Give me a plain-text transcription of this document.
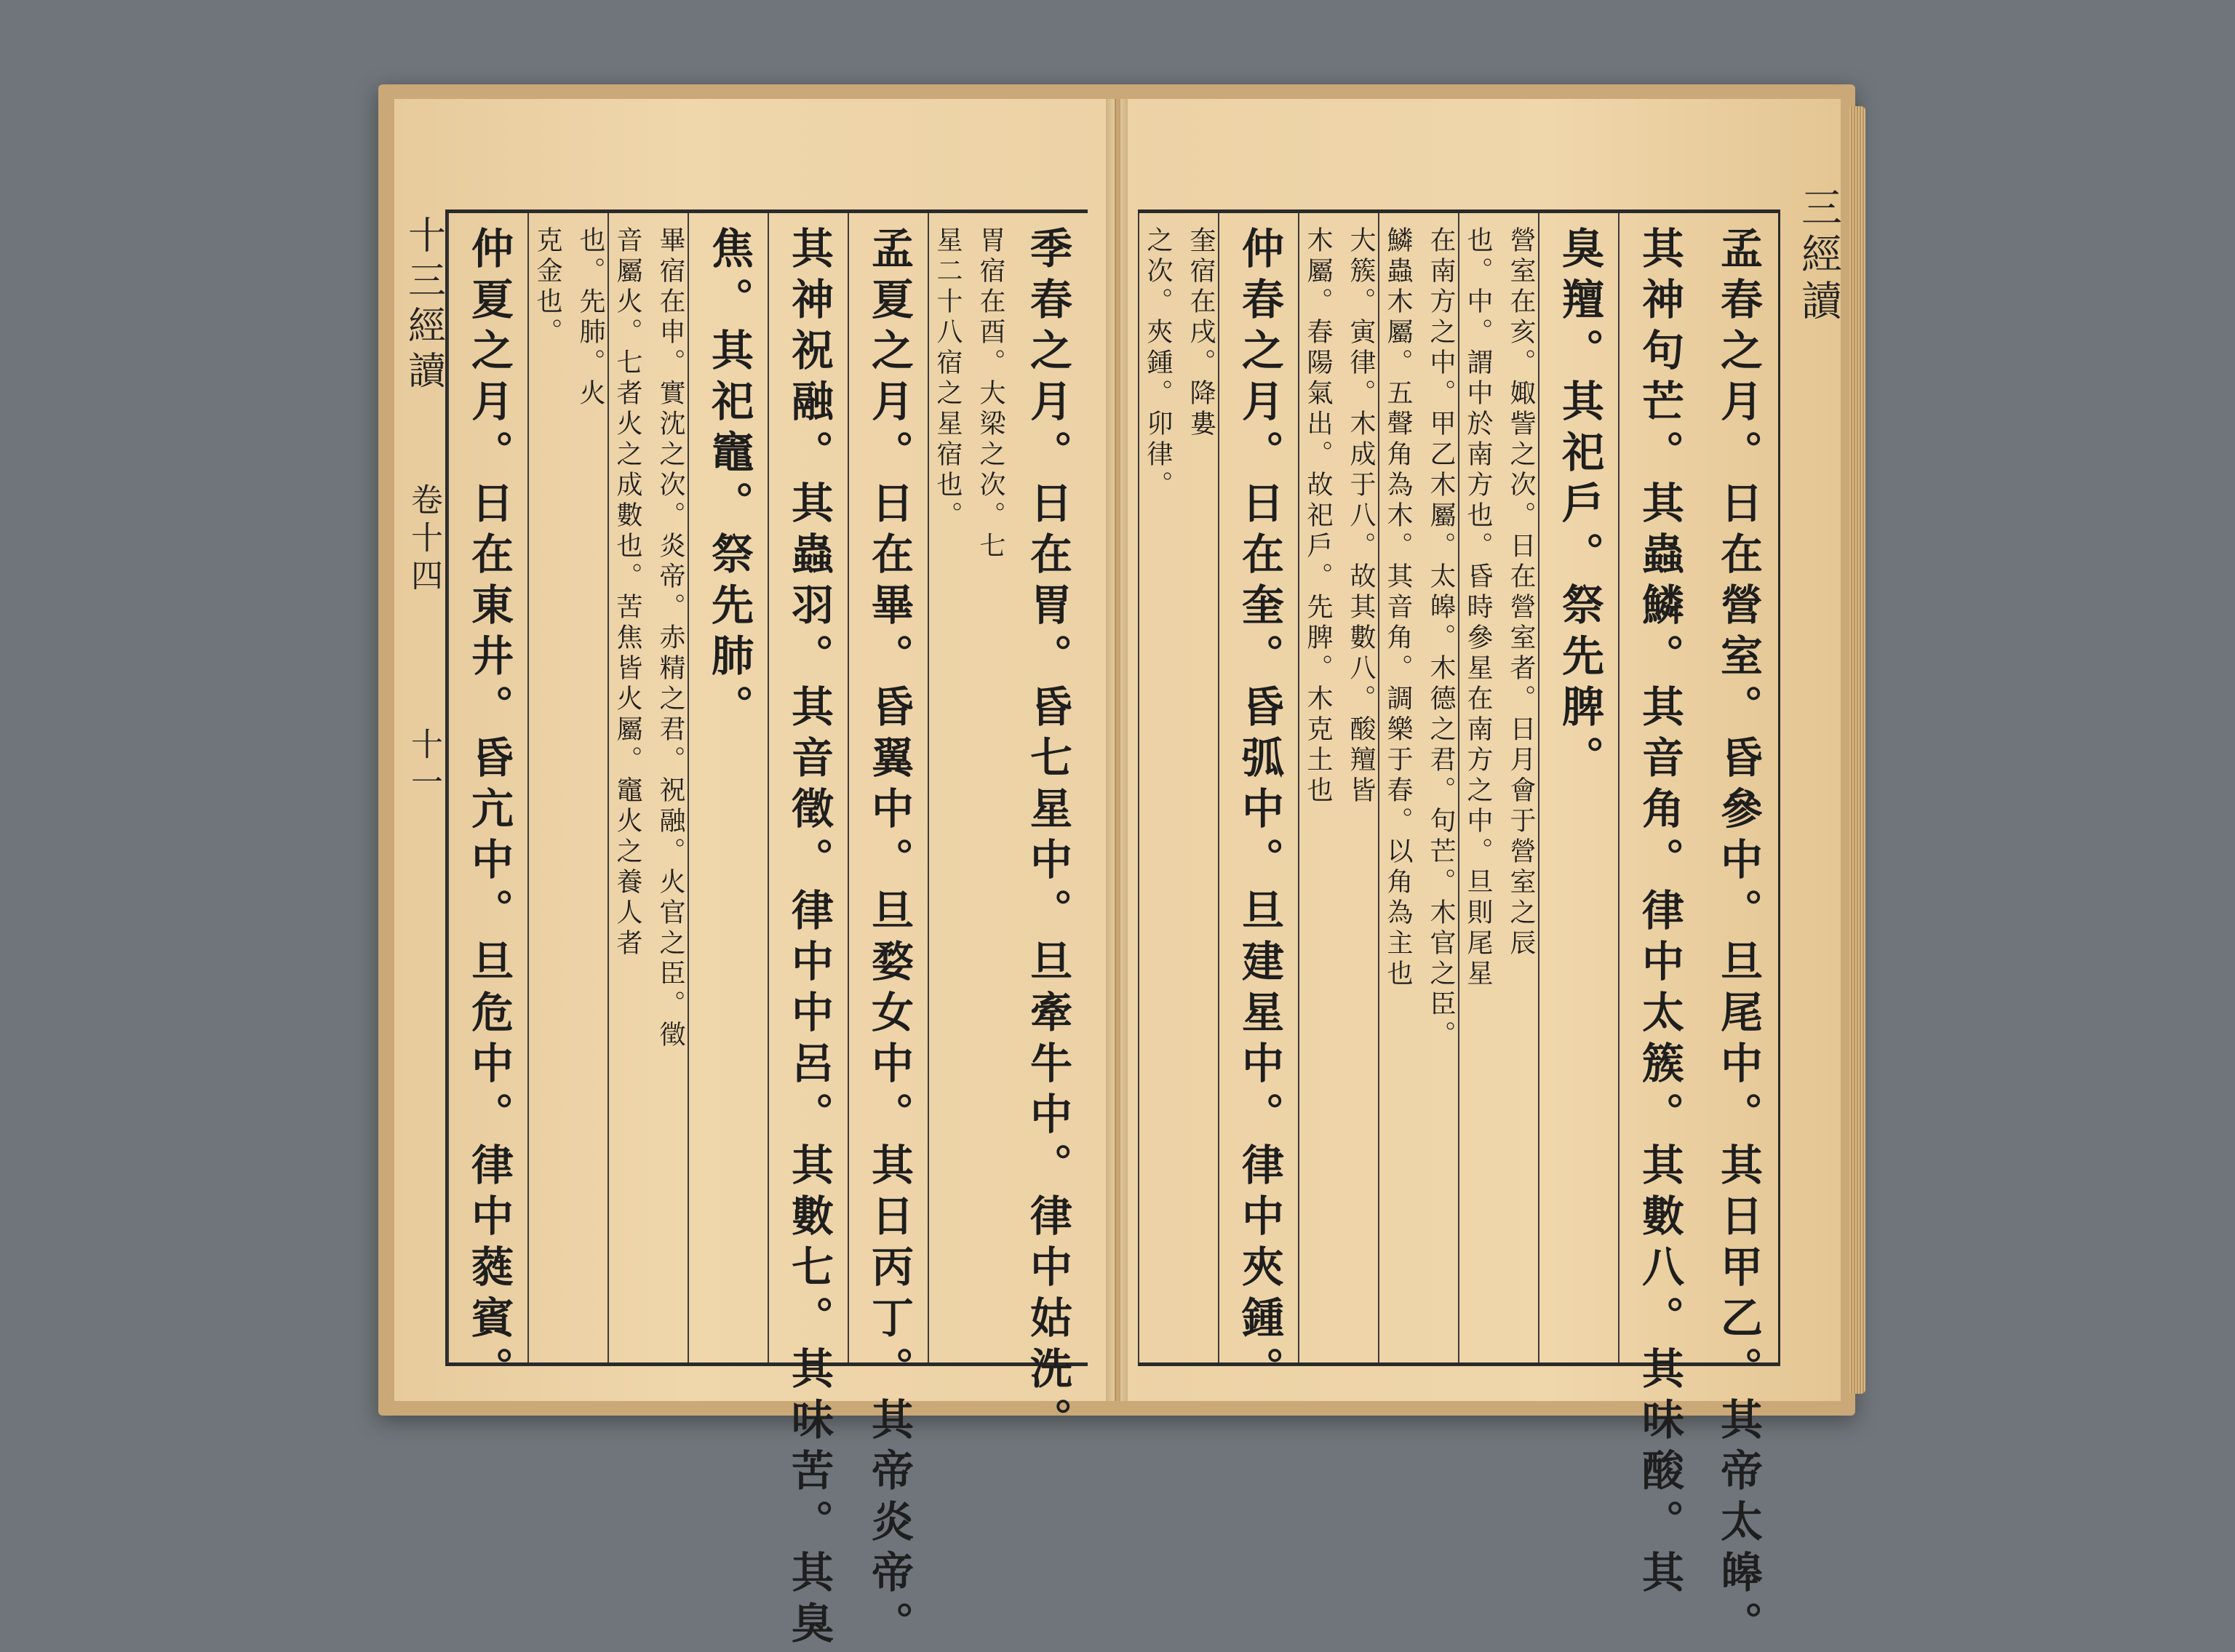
十三經讀
卷十四
十一	季春之月。日在胃。昏七星中。旦牽牛中。律中姑洗。
胃宿在酉。大梁之次。七
星二十八宿之星宿也。
孟夏之月。日在畢。昏翼中。旦婺女中。其日丙丁。其帝炎帝。
其神祝融。其蟲羽。其音徵。律中中呂。其數七。其味苦。其臭
焦。其祀竈。祭先肺。
畢宿在申。實沈之次。炎帝。赤精之君。祝融。火官之臣。徵
音屬火。七者火之成數也。苦焦皆火屬。竈火之養人者
也。先肺。火
克金也。
仲夏之月。日在東井。昏亢中。旦危中。律中蕤賓。	孟春之月。日在營室。昏參中。旦尾中。其日甲乙。其帝太皞。
其神句芒。其蟲鱗。其音角。律中太簇。其數八。其味酸。其
臭羶。其祀戶。祭先脾。
營室在亥。娵訾之次。日在營室者。日月會于營室之辰
也。中。謂中於南方也。昏時參星在南方之中。旦則尾星
在南方之中。甲乙木屬。太皞。木德之君。句芒。木官之臣。
鱗蟲木屬。五聲角為木。其音角。調樂于春。以角為主也
大簇。寅律。木成于八。故其數八。酸羶皆
木屬。春陽氣出。故祀戶。先脾。木克土也
仲春之月。日在奎。昏弧中。旦建星中。律中夾鍾。
奎宿在戌。降婁
之次。夾鍾。卯律。	三經讀
